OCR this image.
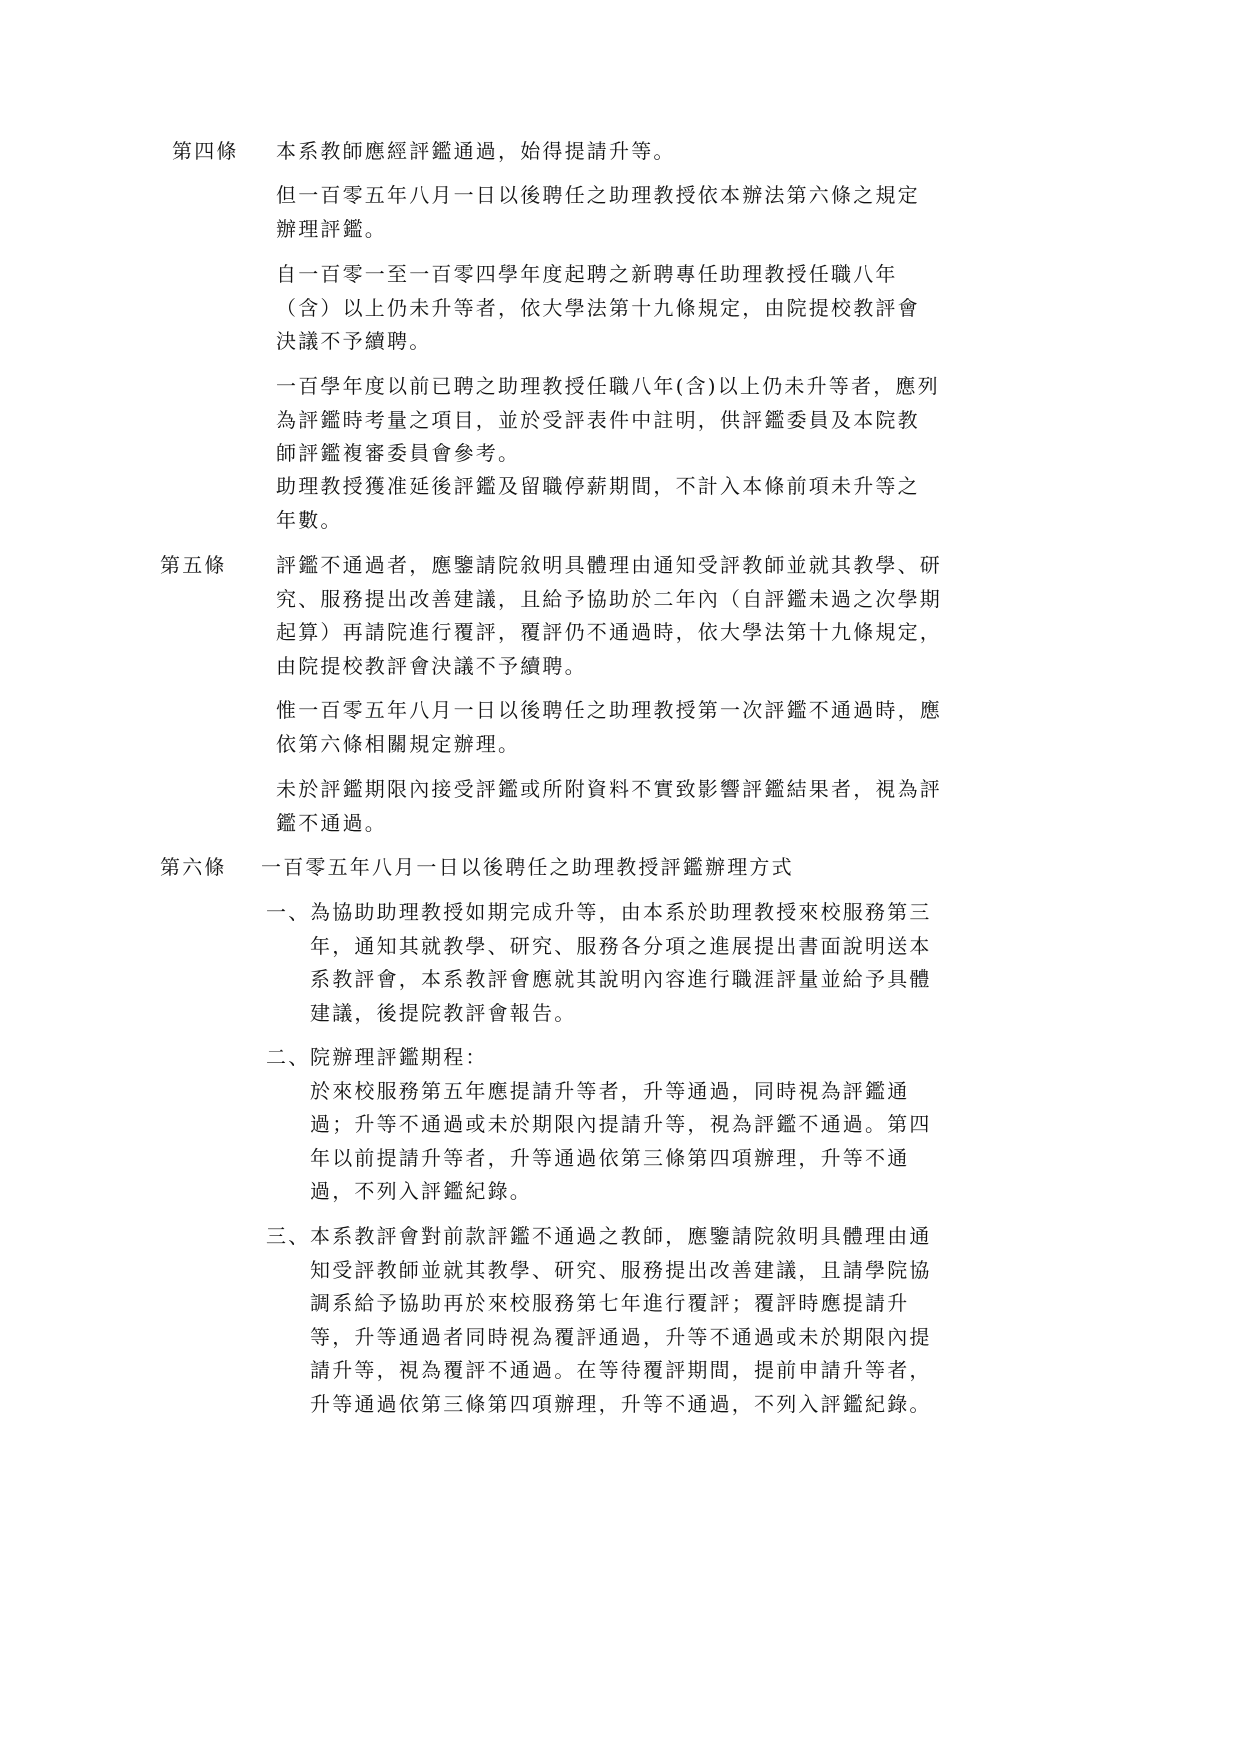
第四條 本系教師應經評鑑通過，始得提請升等。
但一百零五年八月一日以後聘任之助理教授依本辦法第六條之規定
辦理評鑑。
自一百零一至一百零四學年度起聘之新聘專任助理教授任職八年
（含）以上仍未升等者，依大學法第十九條規定，由院提校教評會
決議不予續聘。
一百學年度以前已聘之助理教授任職八年(含)以上仍未升等者，應列
為評鑑時考量之項目，並於受評表件中註明，供評鑑委員及本院教
師評鑑複審委員會參考。
助理教授獲准延後評鑑及留職停薪期間，不計入本條前項未升等之
年數。
第五條 評鑑不通過者，應鑒請院敘明具體理由通知受評教師並就其教學、研
究、服務提出改善建議，且給予協助於二年內（自評鑑未過之次學期
起算）再請院進行覆評，覆評仍不通過時，依大學法第十九條規定，
由院提校教評會決議不予續聘。
惟一百零五年八月一日以後聘任之助理教授第一次評鑑不通過時，應
依第六條相關規定辦理。
未於評鑑期限內接受評鑑或所附資料不實致影響評鑑結果者，視為評
鑑不通過。
第六條 一百零五年八月一日以後聘任之助理教授評鑑辦理方式
一、 為協助助理教授如期完成升等，由本系於助理教授來校服務第三
年，通知其就教學、研究、服務各分項之進展提出書面說明送本
系教評會，本系教評會應就其說明內容進行職涯評量並給予具體
建議，後提院教評會報告。
二、 院辦理評鑑期程：
於來校服務第五年應提請升等者，升等通過，同時視為評鑑通
過；升等不通過或未於期限內提請升等，視為評鑑不通過。第四
年以前提請升等者，升等通過依第三條第四項辦理，升等不通
過，不列入評鑑紀錄。
三、 本系教評會對前款評鑑不通過之教師，應鑒請院敘明具體理由通
知受評教師並就其教學、研究、服務提出改善建議，且請學院協
調系給予協助再於來校服務第七年進行覆評；覆評時應提請升
等，升等通過者同時視為覆評通過，升等不通過或未於期限內提
請升等，視為覆評不通過。在等待覆評期間，提前申請升等者，
升等通過依第三條第四項辦理，升等不通過，不列入評鑑紀錄。
